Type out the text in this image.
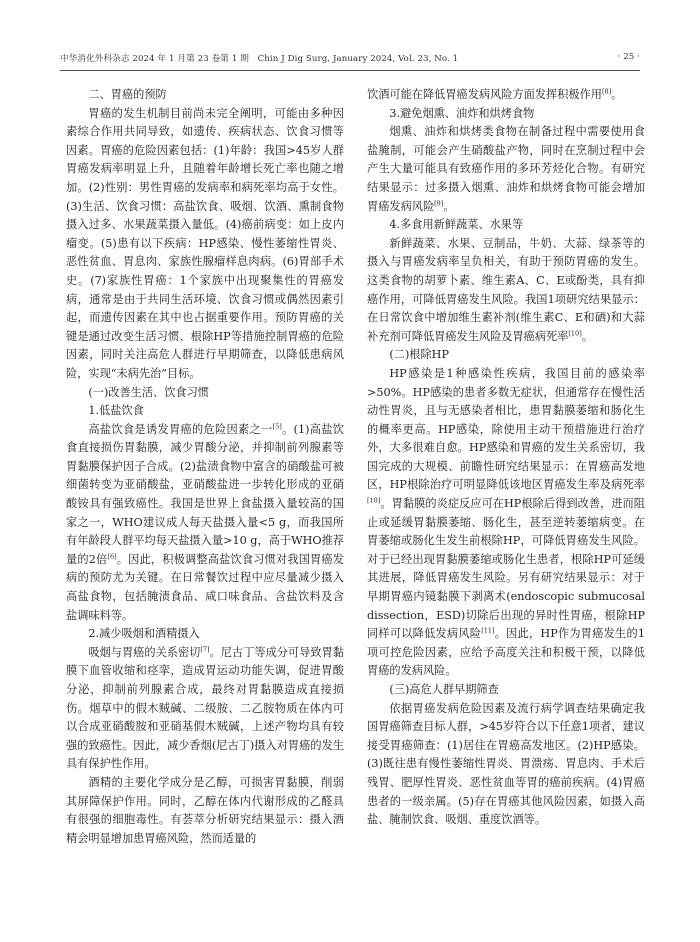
中华消化外科杂志 2024 年 1 月第 23 卷第 1 期　Chin J Dig Surg, January 2024, Vol. 23, No. 1	· 25 ·

二、胃癌的预防

胃癌的发生机制目前尚未完全阐明，可能由多种因素综合作用共同导致，如遗传、疾病状态、饮食习惯等因素。胃癌的危险因素包括：(1)年龄：我国>45岁人群胃癌发病率明显上升，且随着年龄增长死亡率也随之增加。(2)性别：男性胃癌的发病率和病死率均高于女性。(3)生活、饮食习惯：高盐饮食、吸烟、饮酒、熏制食物摄入过多、水果蔬菜摄入量低。(4)癌前病变：如上皮内瘤变。(5)患有以下疾病：HP感染、慢性萎缩性胃炎、恶性贫血、胃息肉、家族性腺瘤样息肉病。(6)胃部手术史。(7)家族性胃癌：1个家族中出现聚集性的胃癌发病，通常是由于共同生活环境、饮食习惯或偶然因素引起，而遗传因素在其中也占据重要作用。预防胃癌的关键是通过改变生活习惯、根除HP等措施控制胃癌的危险因素，同时关注高危人群进行早期筛查，以降低患病风险，实现“未病先治”目标。

(一)改善生活、饮食习惯

1.低盐饮食

高盐饮食是诱发胃癌的危险因素之一[5]。(1)高盐饮食直接损伤胃黏膜，减少胃酸分泌，并抑制前列腺素等胃黏膜保护因子合成。(2)盐渍食物中富含的硝酸盐可被细菌转变为亚硝酸盐，亚硝酸盐进一步转化形成的亚硝酸铵具有强致癌性。我国是世界上食盐摄入量较高的国家之一，WHO建议成人每天盐摄入量<5 g，而我国所有年龄段人群平均每天盐摄入量>10 g，高于WHO推荐量的2倍[6]。因此，积极调整高盐饮食习惯对我国胃癌发病的预防尤为关键。在日常餐饮过程中应尽量减少摄入高盐食物，包括腌渍食品、咸口味食品、含盐饮料及含盐调味料等。

2.减少吸烟和酒精摄入

吸烟与胃癌的关系密切[7]。尼古丁等成分可导致胃黏膜下血管收缩和痉挛，造成胃运动功能失调，促进胃酸分泌，抑制前列腺素合成，最终对胃黏膜造成直接损伤。烟草中的假木贼碱、二级胺、二乙胺物质在体内可以合成亚硝酸胺和亚硝基假木贼碱，上述产物均具有较强的致癌性。因此，减少香烟(尼古丁)摄入对胃癌的发生具有保护性作用。

酒精的主要化学成分是乙醇，可损害胃黏膜，削弱其屏障保护作用。同时，乙醇在体内代谢形成的乙醛具有很强的细胞毒性。有荟萃分析研究结果显示：摄入酒精会明显增加患胃癌风险，然而适量的

饮酒可能在降低胃癌发病风险方面发挥积极作用[8]。

3.避免烟熏、油炸和烘烤食物

烟熏、油炸和烘烤类食物在制备过程中需要使用食盐腌制，可能会产生硝酸盐产物，同时在烹制过程中会产生大量可能具有致癌作用的多环芳烃化合物。有研究结果显示：过多摄入烟熏、油炸和烘烤食物可能会增加胃癌发病风险[9]。

4.多食用新鲜蔬菜、水果等

新鲜蔬菜、水果、豆制品，牛奶、大蒜、绿茶等的摄入与胃癌发病率呈负相关，有助于预防胃癌的发生。这类食物的胡萝卜素、维生素A、C、E或酚类，具有抑癌作用，可降低胃癌发生风险。我国1项研究结果显示：在日常饮食中增加维生素补剂(维生素C、E和硒)和大蒜补充剂可降低胃癌发生风险及胃癌病死率[10]。

(二)根除HP

HP感染是1种感染性疾病，我国目前的感染率>50%。HP感染的患者多数无症状，但通常存在慢性活动性胃炎，且与无感染者相比，患胃黏膜萎缩和肠化生的概率更高。HP感染，除使用主动干预措施进行治疗外，大多很难自愈。HP感染和胃癌的发生关系密切，我国完成的大规模、前瞻性研究结果显示：在胃癌高发地区，HP根除治疗可明显降低该地区胃癌发生率及病死率[10]。胃黏膜的炎症反应可在HP根除后得到改善，进而阻止或延缓胃黏膜萎缩、肠化生，甚至逆转萎缩病变。在胃萎缩或肠化生发生前根除HP，可降低胃癌发生风险。对于已经出现胃黏膜萎缩或肠化生患者，根除HP可延缓其进展，降低胃癌发生风险。另有研究结果显示：对于早期胃癌内镜黏膜下剥离术(endoscopic submucosal dissection，ESD)切除后出现的异时性胃癌，根除HP同样可以降低发病风险[11]。因此，HP作为胃癌发生的1项可控危险因素，应给予高度关注和积极干预，以降低胃癌的发病风险。

(三)高危人群早期筛查

依据胃癌发病危险因素及流行病学调查结果确定我国胃癌筛查目标人群，>45岁符合以下任意1项者，建议接受胃癌筛查：(1)居住在胃癌高发地区。(2)HP感染。(3)既往患有慢性萎缩性胃炎、胃溃疡、胃息肉、手术后残胃、肥厚性胃炎、恶性贫血等胃的癌前疾病。(4)胃癌患者的一级亲属。(5)存在胃癌其他风险因素，如摄入高盐、腌制饮食、吸烟、重度饮酒等。
